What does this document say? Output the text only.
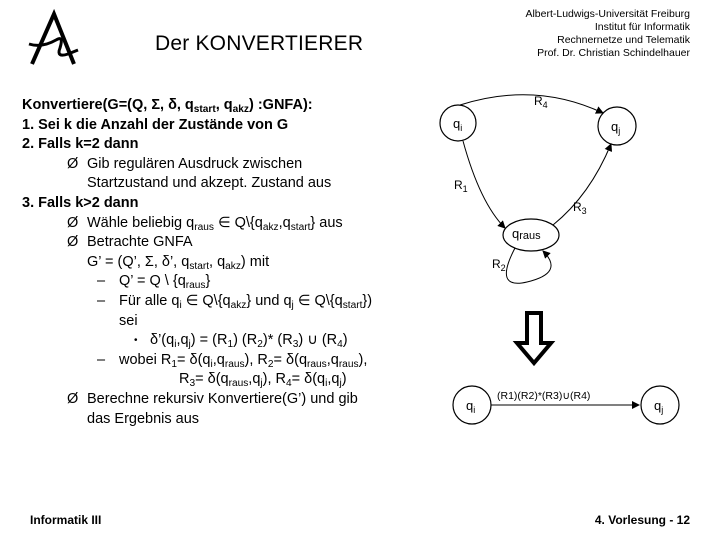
Der KONVERTIERER
Albert-Ludwigs-Universität Freiburg
Institut für Informatik
Rechnernetze und Telematik
Prof. Dr. Christian Schindelhauer
Konvertiere(G=(Q, Σ, δ, $q_{start}$, $q_{akz}$) :GNFA):
1. Sei k die Anzahl der Zustände von G
2. Falls k=2 dann
Ø Gib regulären Ausdruck zwischen
Startzustand und akzept. Zustand aus
3. Falls k>2 dann
Ø Wähle beliebig $q_{raus}$ ∈ $Q\backslash\{q_{akz},q_{start}\}$ aus
Ø Betrachte GNFA
G’ = (Q’, Σ, δ’, $q_{start}$, $q_{akz}$) mit
– Q’ = Q \ $\{q_{raus}\}$
– Für alle $q_i$ ∈ $Q\backslash\{q_{akz}\}$ und $q_j$ ∈ $Q\backslash\{q_{start}\}$)
sei
• $\delta’(q_i,q_j) = (R_1)$ $(R_2)*$ $(R_3)$ ∪ $(R_4)$
– wobei $R_1= \delta(q_i,q_{raus})$, $R_2= \delta(q_{raus},q_{raus})$,
$R_3= \delta(q_{raus},q_j)$, $R_4= \delta(q_i,q_j)$
Ø Berechne rekursiv Konvertiere(G’) und gib
das Ergebnis aus
$q_i$	$q_j$
qraus
$R_4$
$R_1$
$R_3$
$R_2$
$q_i$	$q_j$
(R1)(R2)*(R3)∪(R4)
Informatik III	4. Vorlesung - 12
